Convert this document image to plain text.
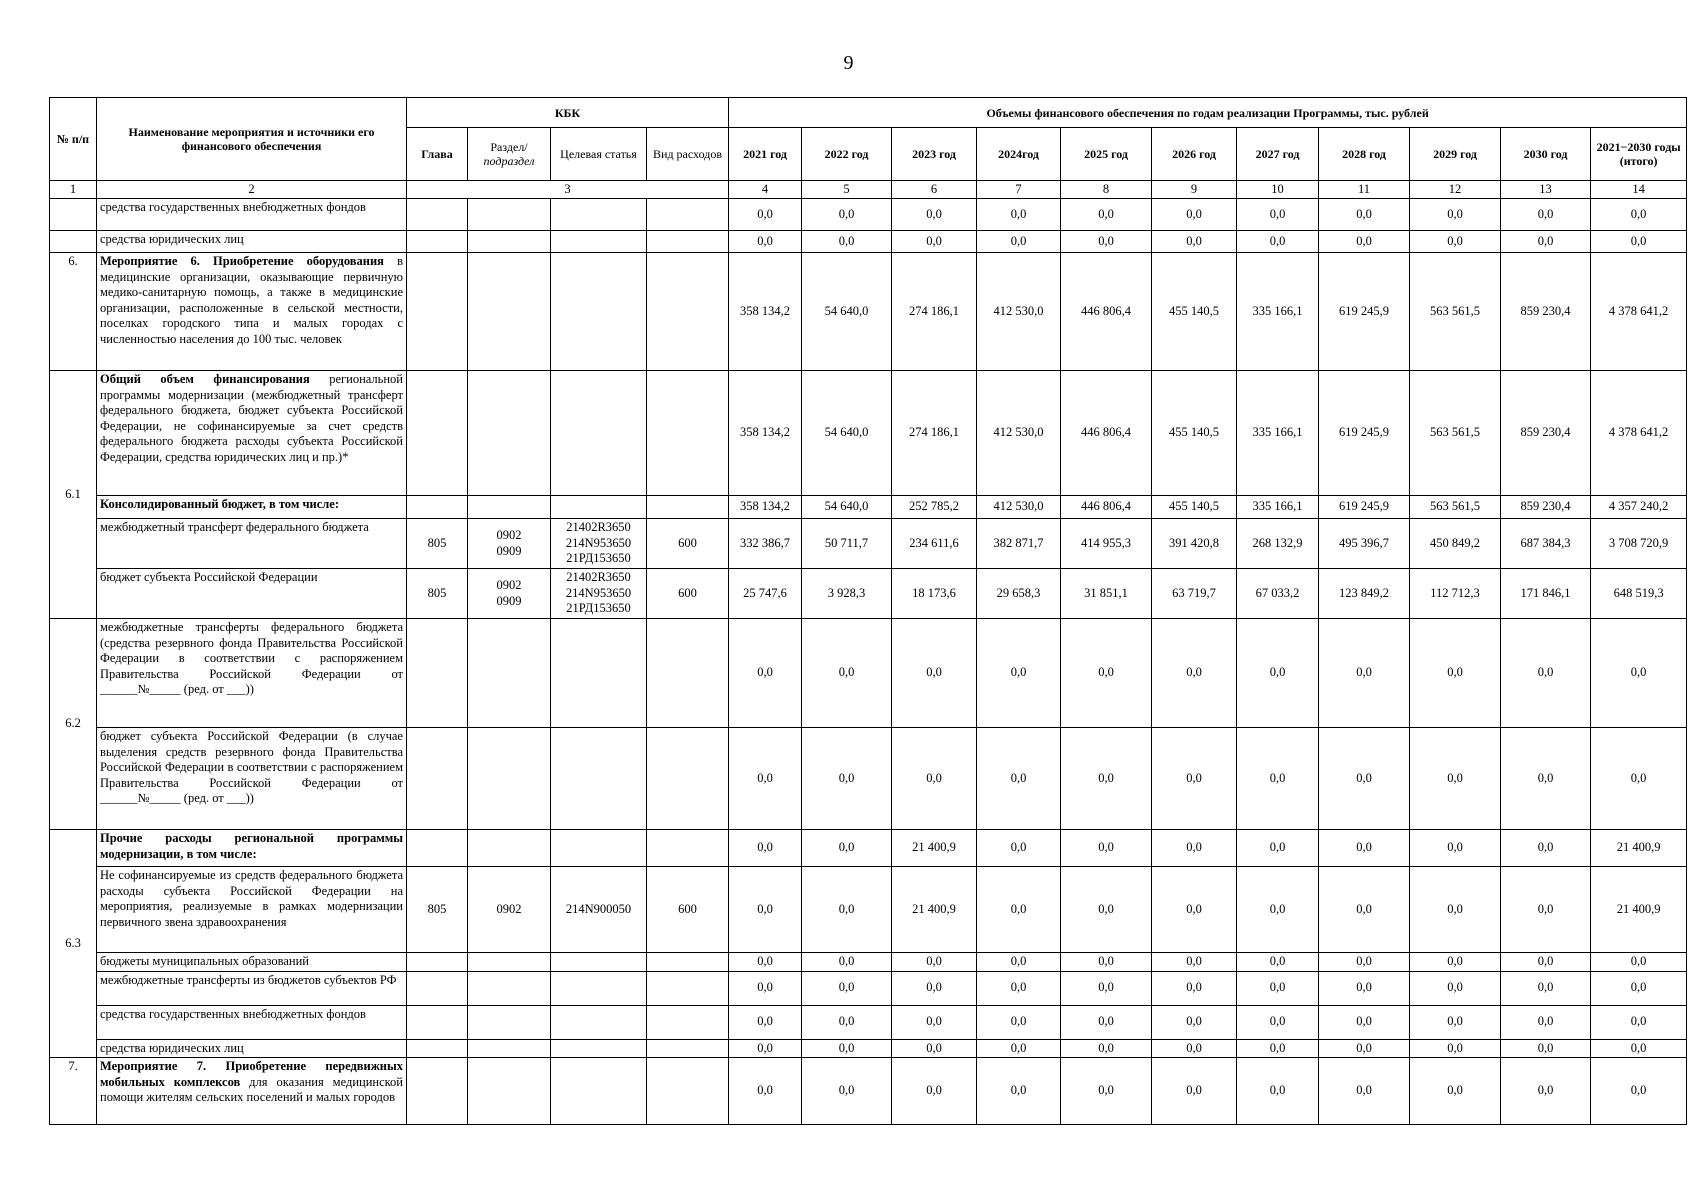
9
№ п/п	Наименование мероприятия и источники его финансового обеспечения	КБК				Объемы финансового обеспечения по годам реализации Программы, тыс. рублей										
		Глава	Раздел/
подраздел	Целевая статья	Вид расходов	2021 год	2022 год	2023 год	2024год	2025 год	2026 год	2027 год	2028 год	2029 год	2030 год	2021−2030 годы (итого)
1	2	3				4	5	6	7	8	9	10	11	12	13	14
	средства государственных внебюджетных фондов					0,0	0,0	0,0	0,0	0,0	0,0	0,0	0,0	0,0	0,0	0,0
	средства юридических лиц					0,0	0,0	0,0	0,0	0,0	0,0	0,0	0,0	0,0	0,0	0,0
6.	Мероприятие 6. Приобретение оборудования в медицинские организации, оказывающие первичную медико-санитарную помощь, а также в медицинские организации, расположенные в сельской местности, поселках городского типа и малых городах с численностью населения до 100 тыс. человек					358 134,2	54 640,0	274 186,1	412 530,0	446 806,4	455 140,5	335 166,1	619 245,9	563 561,5	859 230,4	4 378 641,2
6.1	Общий объем финансирования региональной программы модернизации (межбюджетный трансферт федерального бюджета, бюджет субъекта Российской Федерации, не софинансируемые за счет средств федерального бюджета расходы субъекта Российской Федерации, средства юридических лиц и пр.)*					358 134,2	54 640,0	274 186,1	412 530,0	446 806,4	455 140,5	335 166,1	619 245,9	563 561,5	859 230,4	4 378 641,2
	Консолидированный бюджет, в том числе:					358 134,2	54 640,0	252 785,2	412 530,0	446 806,4	455 140,5	335 166,1	619 245,9	563 561,5	859 230,4	4 357 240,2
	межбюджетный трансферт федерального бюджета	805	0902
0909	21402R3650
214N953650
21РД153650	600	332 386,7	50 711,7	234 611,6	382 871,7	414 955,3	391 420,8	268 132,9	495 396,7	450 849,2	687 384,3	3 708 720,9
	бюджет субъекта Российской Федерации	805	0902
0909	21402R3650
214N953650
21РД153650	600	25 747,6	3 928,3	18 173,6	29 658,3	31 851,1	63 719,7	67 033,2	123 849,2	112 712,3	171 846,1	648 519,3
6.2	межбюджетные трансферты федерального бюджета (средства резервного фонда Правительства Российской Федерации в соответствии с распоряжением Правительства Российской Федерации от ______№_____ (ред. от ___))					0,0	0,0	0,0	0,0	0,0	0,0	0,0	0,0	0,0	0,0	0,0
	бюджет субъекта Российской Федерации (в случае выделения средств резервного фонда Правительства Российской Федерации в соответствии с распоряжением Правительства Российской Федерации от ______№_____ (ред. от ___))					0,0	0,0	0,0	0,0	0,0	0,0	0,0	0,0	0,0	0,0	0,0
6.3	Прочие расходы региональной программы модернизации, в том числе:					0,0	0,0	21 400,9	0,0	0,0	0,0	0,0	0,0	0,0	0,0	21 400,9
	Не софинансируемые из средств федерального бюджета расходы субъекта Российской Федерации на мероприятия, реализуемые в рамках модернизации первичного звена здравоохранения	805	0902	214N900050	600	0,0	0,0	21 400,9	0,0	0,0	0,0	0,0	0,0	0,0	0,0	21 400,9
	бюджеты муниципальных образований					0,0	0,0	0,0	0,0	0,0	0,0	0,0	0,0	0,0	0,0	0,0
	межбюджетные трансферты из бюджетов субъектов РФ					0,0	0,0	0,0	0,0	0,0	0,0	0,0	0,0	0,0	0,0	0,0
	средства государственных внебюджетных фондов					0,0	0,0	0,0	0,0	0,0	0,0	0,0	0,0	0,0	0,0	0,0
	средства юридических лиц					0,0	0,0	0,0	0,0	0,0	0,0	0,0	0,0	0,0	0,0	0,0
7.	Мероприятие 7. Приобретение передвижных мобильных комплексов для оказания медицинской помощи жителям сельских поселений и малых городов					0,0	0,0	0,0	0,0	0,0	0,0	0,0	0,0	0,0	0,0	0,0
